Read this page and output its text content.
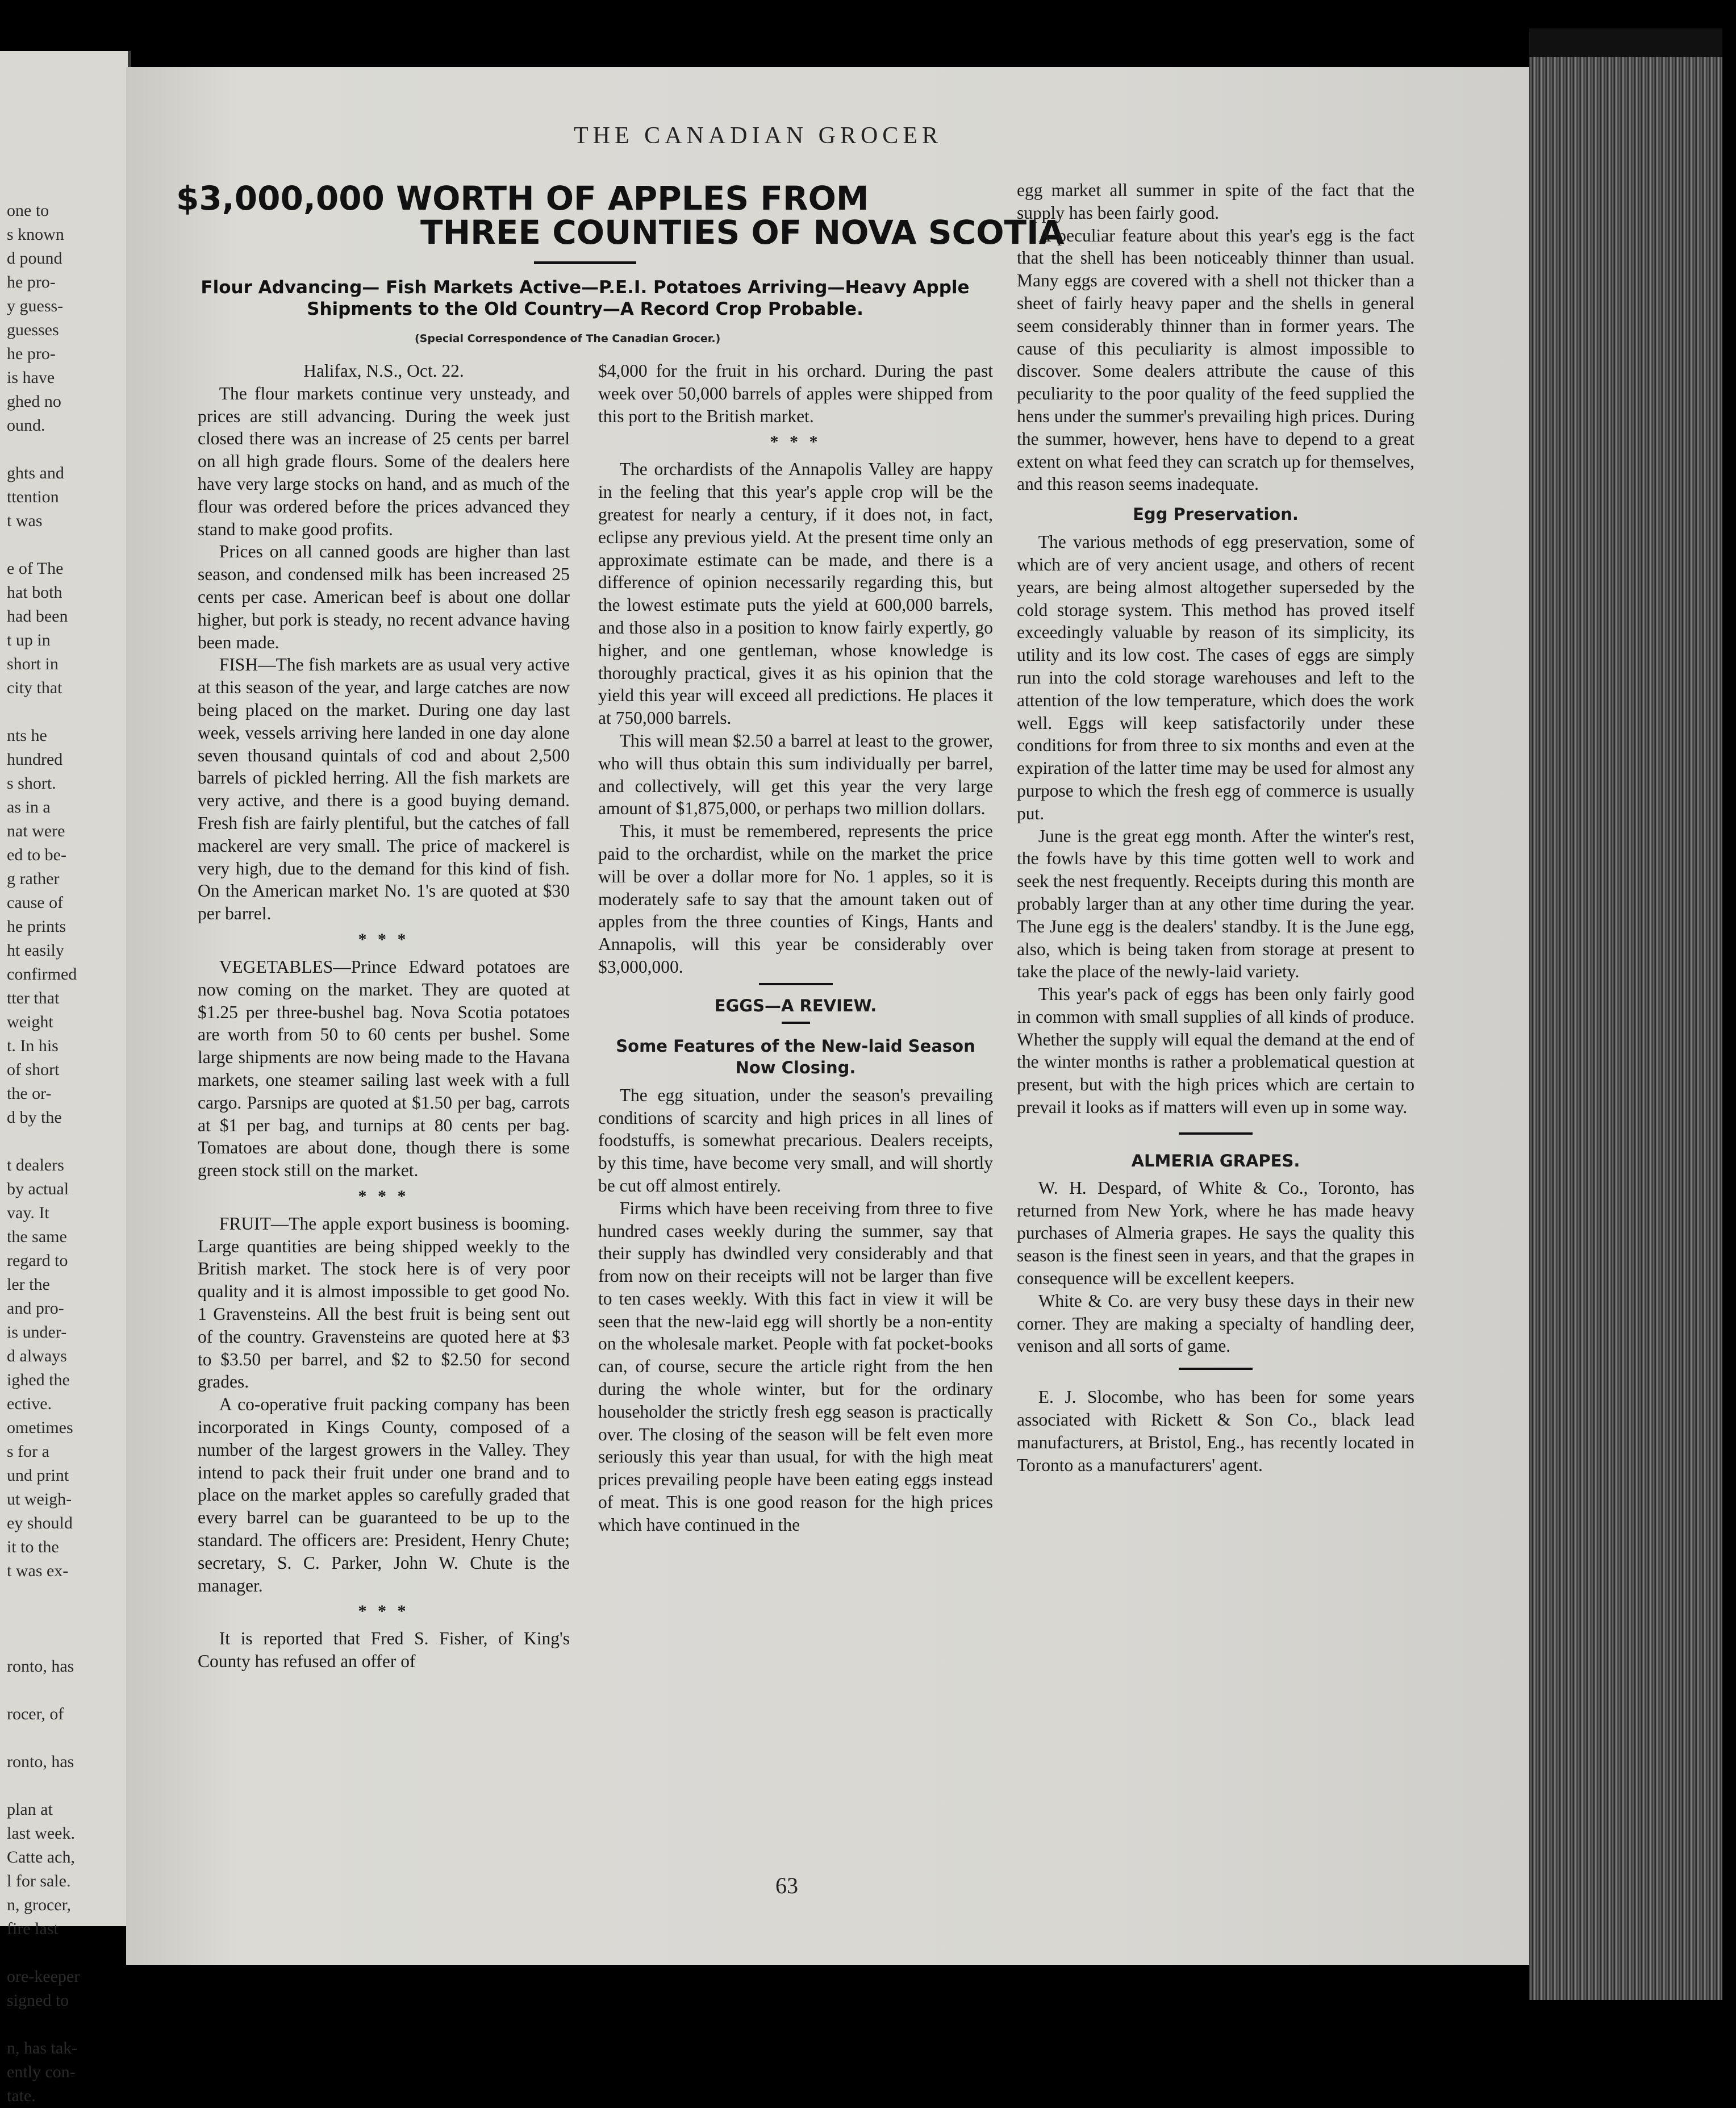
one to
s known
d pound
he pro-
y guess-
guesses
he pro-
is have
ghed no
ound.
ghts and
ttention
t was
e of The
hat both
had been
t up in
short in
city that
nts he
hundred
s short.
as in a
nat were
ed to be-
g rather
cause of
he prints
ht easily
confirmed
tter that
weight
t. In his
of short
the or-
d by the
t dealers
by actual
vay. It
the same
regard to
ler the
and pro-
is under-
d always
ighed the
ective.
ometimes
s for a
und print
ut weigh-
ey should
it to the
t was ex-
ronto, has
rocer, of
ronto, has
plan at
last week.
Catte ach,
l for sale.
n, grocer,
fire last
ore-keeper
signed to
n, has tak-
ently con-
tate.
THE CANADIAN GROCER
$3,000,000 WORTH OF APPLES FROM
THREE COUNTIES OF NOVA SCOTIA
Flour Advancing— Fish Markets Active—P.E.I. Potatoes Arriving—Heavy Apple Shipments to the Old Country—A Record Crop Probable.
(Special Correspondence of The Canadian Grocer.)

Halifax, N.S., Oct. 22.

The flour markets continue very unsteady, and prices are still advancing. During the week just closed there was an increase of 25 cents per barrel on all high grade flours. Some of the dealers here have very large stocks on hand, and as much of the flour was ordered before the prices advanced they stand to make good profits.

Prices on all canned goods are higher than last season, and condensed milk has been increased 25 cents per case. American beef is about one dollar higher, but pork is steady, no recent advance having been made.

FISH—The fish markets are as usual very active at this season of the year, and large catches are now being placed on the market. During one day last week, vessels arriving here landed in one day alone seven thousand quintals of cod and about 2,500 barrels of pickled herring. All the fish markets are very active, and there is a good buying demand. Fresh fish are fairly plentiful, but the catches of fall mackerel are very small. The price of mackerel is very high, due to the demand for this kind of fish. On the American market No. 1's are quoted at $30 per barrel.

* * *

VEGETABLES—Prince Edward potatoes are now coming on the market. They are quoted at $1.25 per three-bushel bag. Nova Scotia potatoes are worth from 50 to 60 cents per bushel. Some large shipments are now being made to the Havana markets, one steamer sailing last week with a full cargo. Parsnips are quoted at $1.50 per bag, carrots at $1 per bag, and turnips at 80 cents per bag. Tomatoes are about done, though there is some green stock still on the market.

* * *

FRUIT—The apple export business is booming. Large quantities are being shipped weekly to the British market. The stock here is of very poor quality and it is almost impossible to get good No. 1 Gravensteins. All the best fruit is being sent out of the country. Gravensteins are quoted here at $3 to $3.50 per barrel, and $2 to $2.50 for second grades.

A co-operative fruit packing company has been incorporated in Kings County, composed of a number of the largest growers in the Valley. They intend to pack their fruit under one brand and to place on the market apples so carefully graded that every barrel can be guaranteed to be up to the standard. The officers are: President, Henry Chute; secretary, S. C. Parker, John W. Chute is the manager.

* * *

It is reported that Fred S. Fisher, of King's County has refused an offer of

$4,000 for the fruit in his orchard. During the past week over 50,000 barrels of apples were shipped from this port to the British market.

* * *

The orchardists of the Annapolis Valley are happy in the feeling that this year's apple crop will be the greatest for nearly a century, if it does not, in fact, eclipse any previous yield. At the present time only an approximate estimate can be made, and there is a difference of opinion necessarily regarding this, but the lowest estimate puts the yield at 600,000 barrels, and those also in a position to know fairly expertly, go higher, and one gentleman, whose knowledge is thoroughly practical, gives it as his opinion that the yield this year will exceed all predictions. He places it at 750,000 barrels.

This will mean $2.50 a barrel at least to the grower, who will thus obtain this sum individually per barrel, and collectively, will get this year the very large amount of $1,875,000, or perhaps two million dollars.

This, it must be remembered, represents the price paid to the orchardist, while on the market the price will be over a dollar more for No. 1 apples, so it is moderately safe to say that the amount taken out of apples from the three counties of Kings, Hants and Annapolis, will this year be considerably over $3,000,000.

EGGS—A REVIEW.
Some Features of the New-laid Season Now Closing.

The egg situation, under the season's prevailing conditions of scarcity and high prices in all lines of foodstuffs, is somewhat precarious. Dealers receipts, by this time, have become very small, and will shortly be cut off almost entirely.

Firms which have been receiving from three to five hundred cases weekly during the summer, say that their supply has dwindled very considerably and that from now on their receipts will not be larger than five to ten cases weekly. With this fact in view it will be seen that the new-laid egg will shortly be a non-entity on the wholesale market. People with fat pocket-books can, of course, secure the article right from the hen during the whole winter, but for the ordinary householder the strictly fresh egg season is practically over. The closing of the season will be felt even more seriously this year than usual, for with the high meat prices prevailing people have been eating eggs instead of meat. This is one good reason for the high prices which have continued in the

egg market all summer in spite of the fact that the supply has been fairly good.

A peculiar feature about this year's egg is the fact that the shell has been noticeably thinner than usual. Many eggs are covered with a shell not thicker than a sheet of fairly heavy paper and the shells in general seem considerably thinner than in former years. The cause of this peculiarity is almost impossible to discover. Some dealers attribute the cause of this peculiarity to the poor quality of the feed supplied the hens under the summer's prevailing high prices. During the summer, however, hens have to depend to a great extent on what feed they can scratch up for themselves, and this reason seems inadequate.

Egg Preservation.

The various methods of egg preservation, some of which are of very ancient usage, and others of recent years, are being almost altogether superseded by the cold storage system. This method has proved itself exceedingly valuable by reason of its simplicity, its utility and its low cost. The cases of eggs are simply run into the cold storage warehouses and left to the attention of the low temperature, which does the work well. Eggs will keep satisfactorily under these conditions for from three to six months and even at the expiration of the latter time may be used for almost any purpose to which the fresh egg of commerce is usually put.

June is the great egg month. After the winter's rest, the fowls have by this time gotten well to work and seek the nest frequently. Receipts during this month are probably larger than at any other time during the year. The June egg is the dealers' standby. It is the June egg, also, which is being taken from storage at present to take the place of the newly-laid variety.

This year's pack of eggs has been only fairly good in common with small supplies of all kinds of produce. Whether the supply will equal the demand at the end of the winter months is rather a problematical question at present, but with the high prices which are certain to prevail it looks as if matters will even up in some way.

ALMERIA GRAPES.

W. H. Despard, of White & Co., Toronto, has returned from New York, where he has made heavy purchases of Almeria grapes. He says the quality this season is the finest seen in years, and that the grapes in consequence will be excellent keepers.

White & Co. are very busy these days in their new corner. They are making a specialty of handling deer, venison and all sorts of game.

E. J. Slocombe, who has been for some years associated with Rickett & Son Co., black lead manufacturers, at Bristol, Eng., has recently located in Toronto as a manufacturers' agent.

63
